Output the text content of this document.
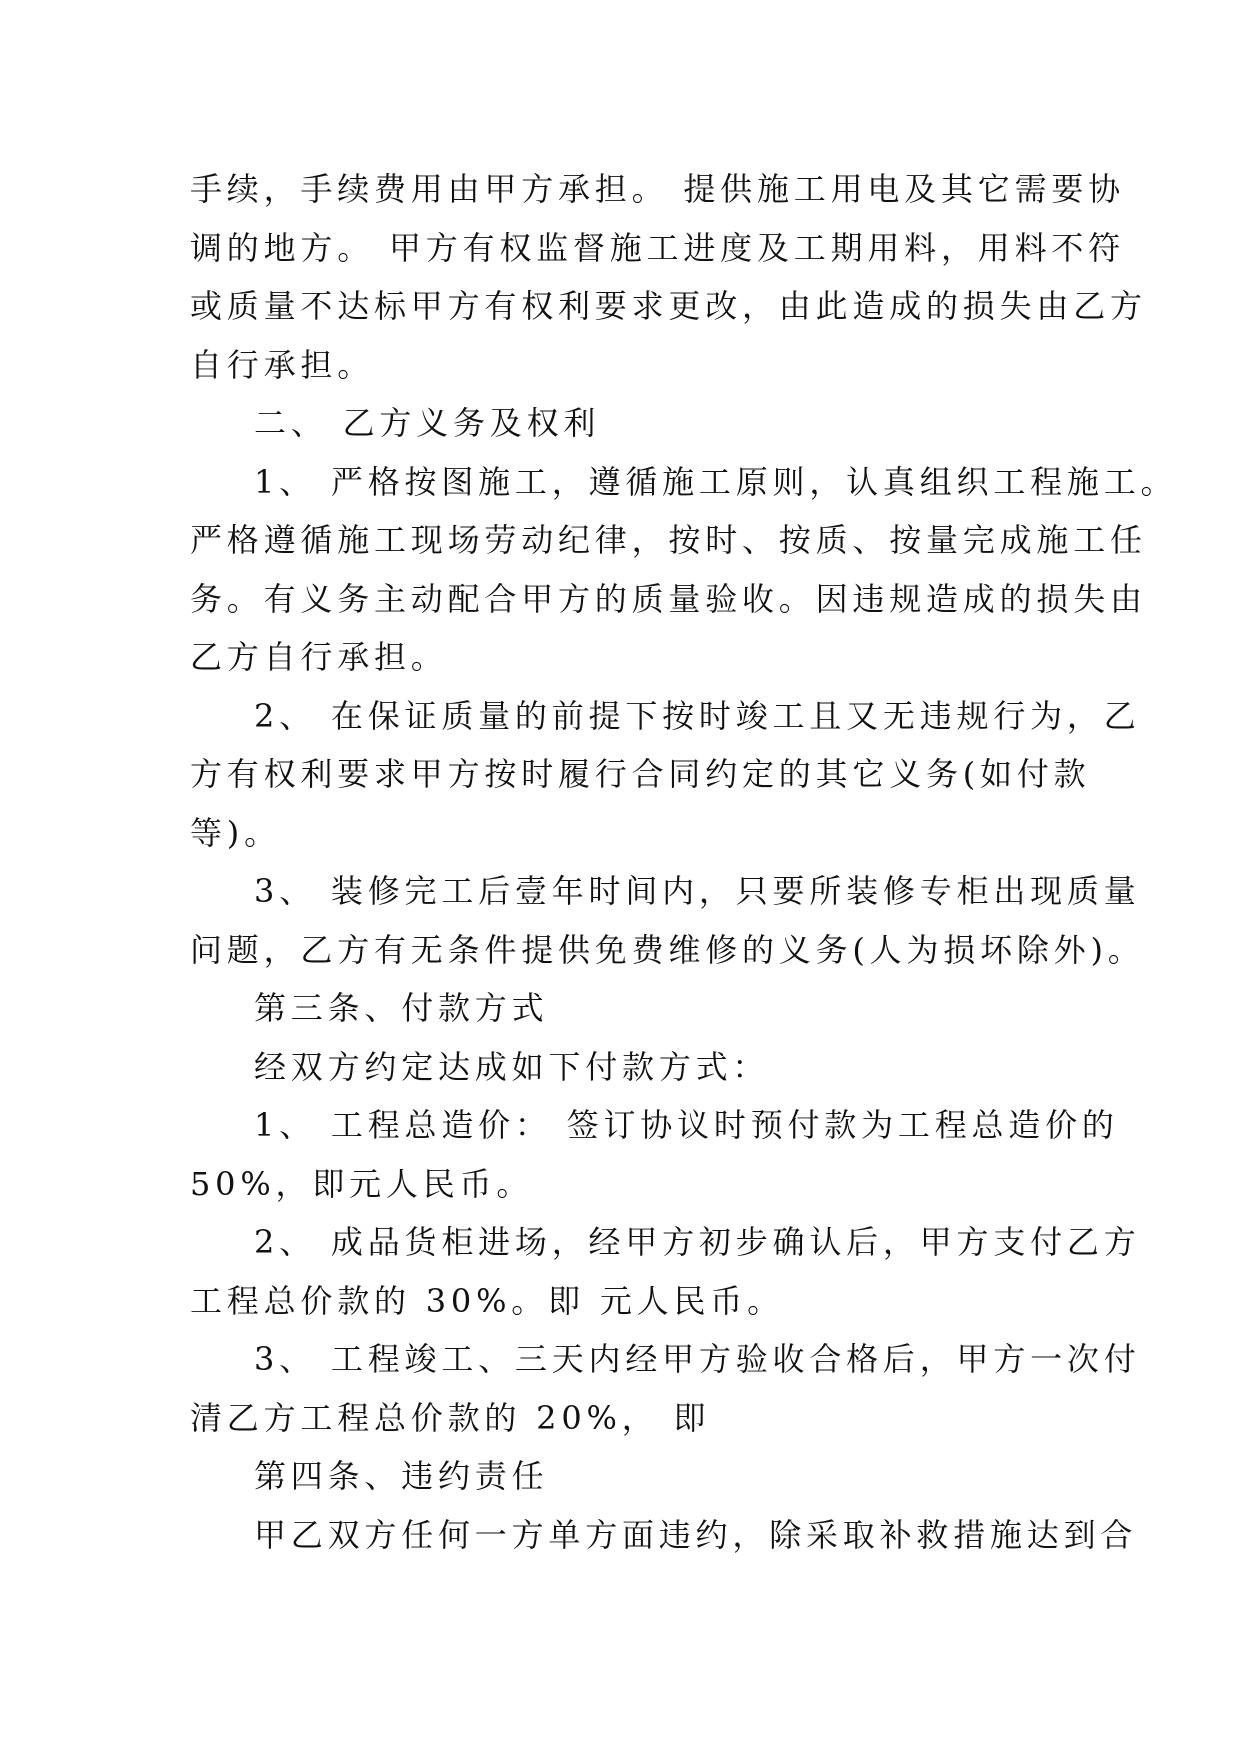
手续，手续费用由甲方承担。 提供施工用电及其它需要协
调的地方。 甲方有权监督施工进度及工期用料，用料不符
或质量不达标甲方有权利要求更改，由此造成的损失由乙方
自行承担。
二、 乙方义务及权利
1、 严格按图施工，遵循施工原则，认真组织工程施工。
严格遵循施工现场劳动纪律，按时、按质、按量完成施工任
务。有义务主动配合甲方的质量验收。因违规造成的损失由
乙方自行承担。
2、 在保证质量的前提下按时竣工且又无违规行为，乙
方有权利要求甲方按时履行合同约定的其它义务(如付款
等)。
3、 装修完工后壹年时间内，只要所装修专柜出现质量
问题，乙方有无条件提供免费维修的义务(人为损坏除外)。
第三条、付款方式
经双方约定达成如下付款方式：
1、 工程总造价： 签订协议时预付款为工程总造价的
50%，即元人民币。
2、 成品货柜进场，经甲方初步确认后，甲方支付乙方
工程总价款的 30%。即 元人民币。
3、 工程竣工、三天内经甲方验收合格后，甲方一次付
清乙方工程总价款的 20%， 即
第四条、违约责任
甲乙双方任何一方单方面违约，除采取补救措施达到合
